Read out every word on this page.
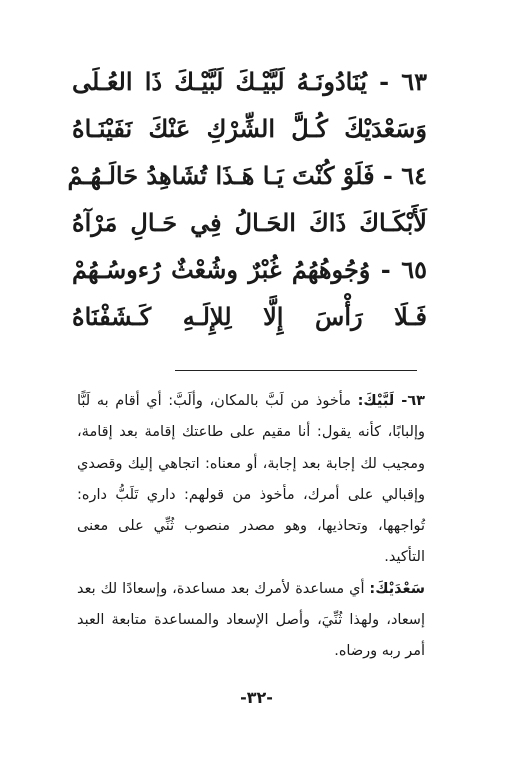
٦٣ - يُنَادُونَـهُ لَبَّيْـكَ لَبَّيْـكَ ذَا العُـلَى
وَسَعْدَيْكَ كُـلَّ الشِّرْكِ عَنْكَ نَفَيْنَـاهُ
٦٤ - فَلَوْ كُنْتَ يَـا هَـذَا تُشَاهِدُ حَالَـهُـمْ
لَأَبْكَـاكَ ذَاكَ الحَـالُ فِي حَـالِ مَرْآهُ
٦٥ - وُجُوهُهُمُ غُبْرٌ وشُعْثٌ رُءوسُـهُمْ
فَـلَا رَأْسَ إِلَّا لِلإِلَـهِ كَـشَفْنَاهُ

٦٣- لَبَّيْكَ: مأخوذ من لَبَّ بالمكان، وألَبَّ: أي أقام به لَبًّا وإلبابًا، كأنه يقول: أنا مقيم على طاعتك إقامة بعد إقامة، ومجيب لك إجابة بعد إجابة، أو معناه: اتجاهي إليك وقصدي وإقبالي على أمرك، مأخوذ من قولهم: داري تَلَبُّ داره: تُواجهها، وتحاذيها، وهو مصدر منصوب ثُنِّي على معنى التأكيد.

سَعْدَيْكَ: أي مساعدة لأمرك بعد مساعدة، وإسعادًا لك بعد إسعاد، ولهذا ثُنِّيَ، وأصل الإسعاد والمساعدة متابعة العبد أمر ربه ورضاه.

-٣٢-
